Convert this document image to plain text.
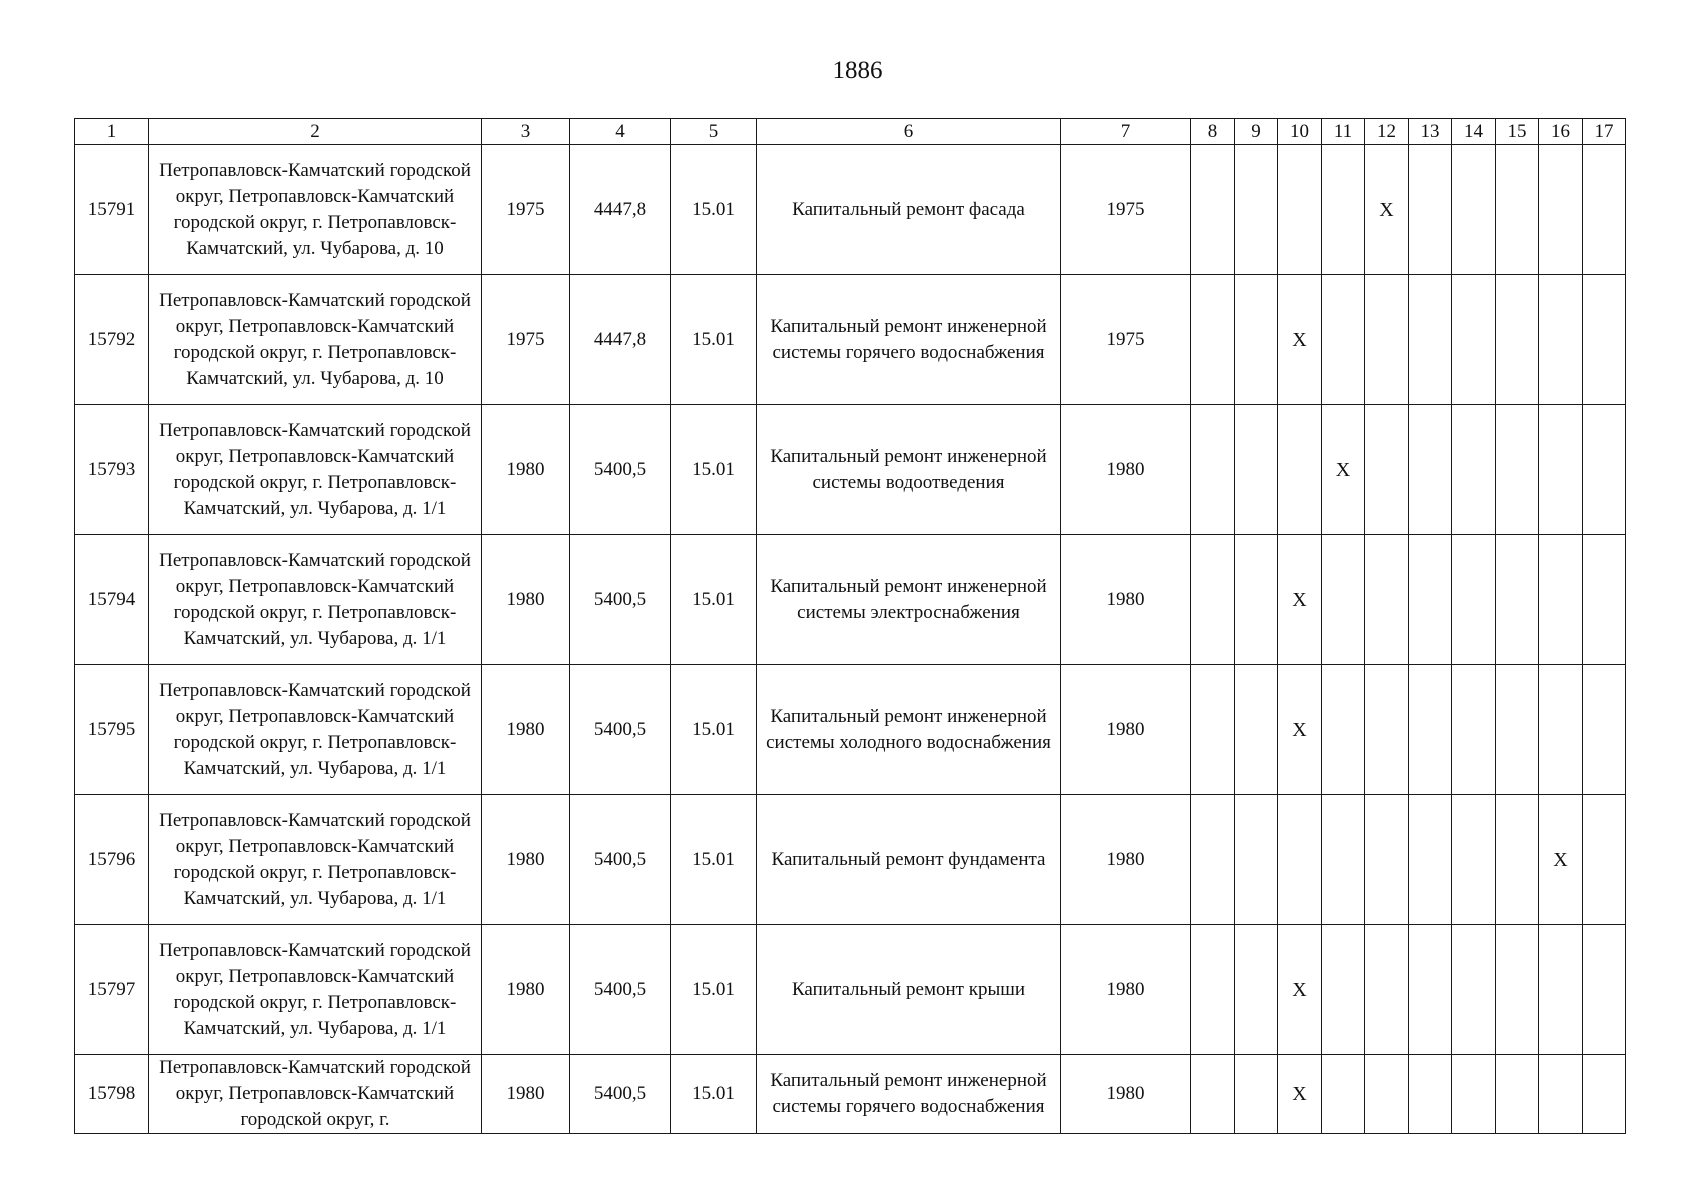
1886
1	2	3	4	5	6	7	8	9	10	11	12	13	14	15	16	17
15791	Петропавловск-Камчатский городской округ, Петропавловск-Камчатский городской округ, г. Петропавловск-Камчатский, ул. Чубарова, д. 10	1975	4447,8	15.01	Капитальный ремонт фасада	1975					X					
15792	Петропавловск-Камчатский городской округ, Петропавловск-Камчатский городской округ, г. Петропавловск-Камчатский, ул. Чубарова, д. 10	1975	4447,8	15.01	Капитальный ремонт инженерной системы горячего водоснабжения	1975			X							
15793	Петропавловск-Камчатский городской округ, Петропавловск-Камчатский городской округ, г. Петропавловск-Камчатский, ул. Чубарова, д. 1/1	1980	5400,5	15.01	Капитальный ремонт инженерной системы водоотведения	1980				X						
15794	Петропавловск-Камчатский городской округ, Петропавловск-Камчатский городской округ, г. Петропавловск-Камчатский, ул. Чубарова, д. 1/1	1980	5400,5	15.01	Капитальный ремонт инженерной системы электроснабжения	1980			X							
15795	Петропавловск-Камчатский городской округ, Петропавловск-Камчатский городской округ, г. Петропавловск-Камчатский, ул. Чубарова, д. 1/1	1980	5400,5	15.01	Капитальный ремонт инженерной системы холодного водоснабжения	1980			X							
15796	Петропавловск-Камчатский городской округ, Петропавловск-Камчатский городской округ, г. Петропавловск-Камчатский, ул. Чубарова, д. 1/1	1980	5400,5	15.01	Капитальный ремонт фундамента	1980									X	
15797	Петропавловск-Камчатский городской округ, Петропавловск-Камчатский городской округ, г. Петропавловск-Камчатский, ул. Чубарова, д. 1/1	1980	5400,5	15.01	Капитальный ремонт крыши	1980			X							
15798	Петропавловск-Камчатский городской округ, Петропавловск-Камчатский городской округ, г.	1980	5400,5	15.01	Капитальный ремонт инженерной системы горячего водоснабжения	1980			X							
